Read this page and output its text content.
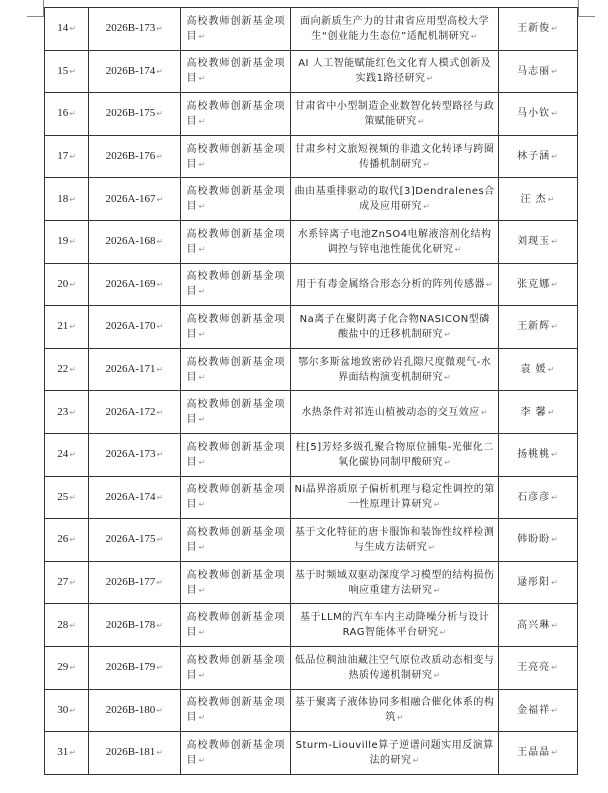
14↵	2026B-173↵	高校教师创新基金项目↵	面向新质生产力的甘肃省应用型高校大学生“创业能力生态位”适配机制研究↵	王新俊↵
15↵	2026B-174↵	高校教师创新基金项目↵	AI 人工智能赋能红色文化育人模式创新及实践1路径研究↵	马志丽↵
16↵	2026B-175↵	高校教师创新基金项目↵	甘肃省中小型制造企业数智化转型路径与政策赋能研究↵	马小钦↵
17↵	2026B-176↵	高校教师创新基金项目↵	甘肃乡村文旅短视频的非遗文化转译与跨圈传播机制研究↵	林子涵↵
18↵	2026A-167↵	高校教师创新基金项目↵	曲由基重排驱动的取代[3]Dendralenes合成及应用研究↵	汪 杰↵
19↵	2026A-168↵	高校教师创新基金项目↵	水系锌离子电池ZnSO4电解液溶剂化结构调控与锌电池性能优化研究↵	刘现玉↵
20↵	2026A-169↵	高校教师创新基金项目↵	用于有毒金属络合形态分析的阵列传感器↵	张克娜↵
21↵	2026A-170↵	高校教师创新基金项目↵	Na离子在聚阴离子化合物NASICON型磷酸盐中的迁移机制研究↵	王新辉↵
22↵	2026A-171↵	高校教师创新基金项目↵	鄂尔多斯盆地致密砂岩孔隙尺度微观气-水界面结构演变机制研究↵	袁 媛↵
23↵	2026A-172↵	高校教师创新基金项目↵	水热条件对祁连山植被动态的交互效应↵	李 馨↵
24↵	2026A-173↵	高校教师创新基金项目↵	柱[5]芳烃多级孔聚合物原位捕集-光催化二氧化碳协同制甲酸研究↵	扬桃桃↵
25↵	2026A-174↵	高校教师创新基金项目↵	Ni晶界溶质原子偏析机理与稳定性调控的第一性原理计算研究↵	石彦彦↵
26↵	2026A-175↵	高校教师创新基金项目↵	基于文化特征的唐卡服饰和装饰性纹样检测与生成方法研究↵	韩盼盼↵
27↵	2026B-177↵	高校教师创新基金项目↵	基于时频域双驱动深度学习模型的结构损伤响应重建方法研究↵	逯彤阳↵
28↵	2026B-178↵	高校教师创新基金项目↵	基于LLM的汽车车内主动降噪分析与设计RAG智能体平台研究↵	高兴琳↵
29↵	2026B-179↵	高校教师创新基金项目↵	低品位稠油油藏注空气原位改质动态相变与热质传递机制研究↵	王亮亮↵
30↵	2026B-180↵	高校教师创新基金项目↵	基于聚离子液体协同多相融合催化体系的构筑↵	金福祥↵
31↵	2026B-181↵	高校教师创新基金项目↵	Sturm-Liouville算子逆谱问题实用反演算法的研究↵	王晶晶↵
